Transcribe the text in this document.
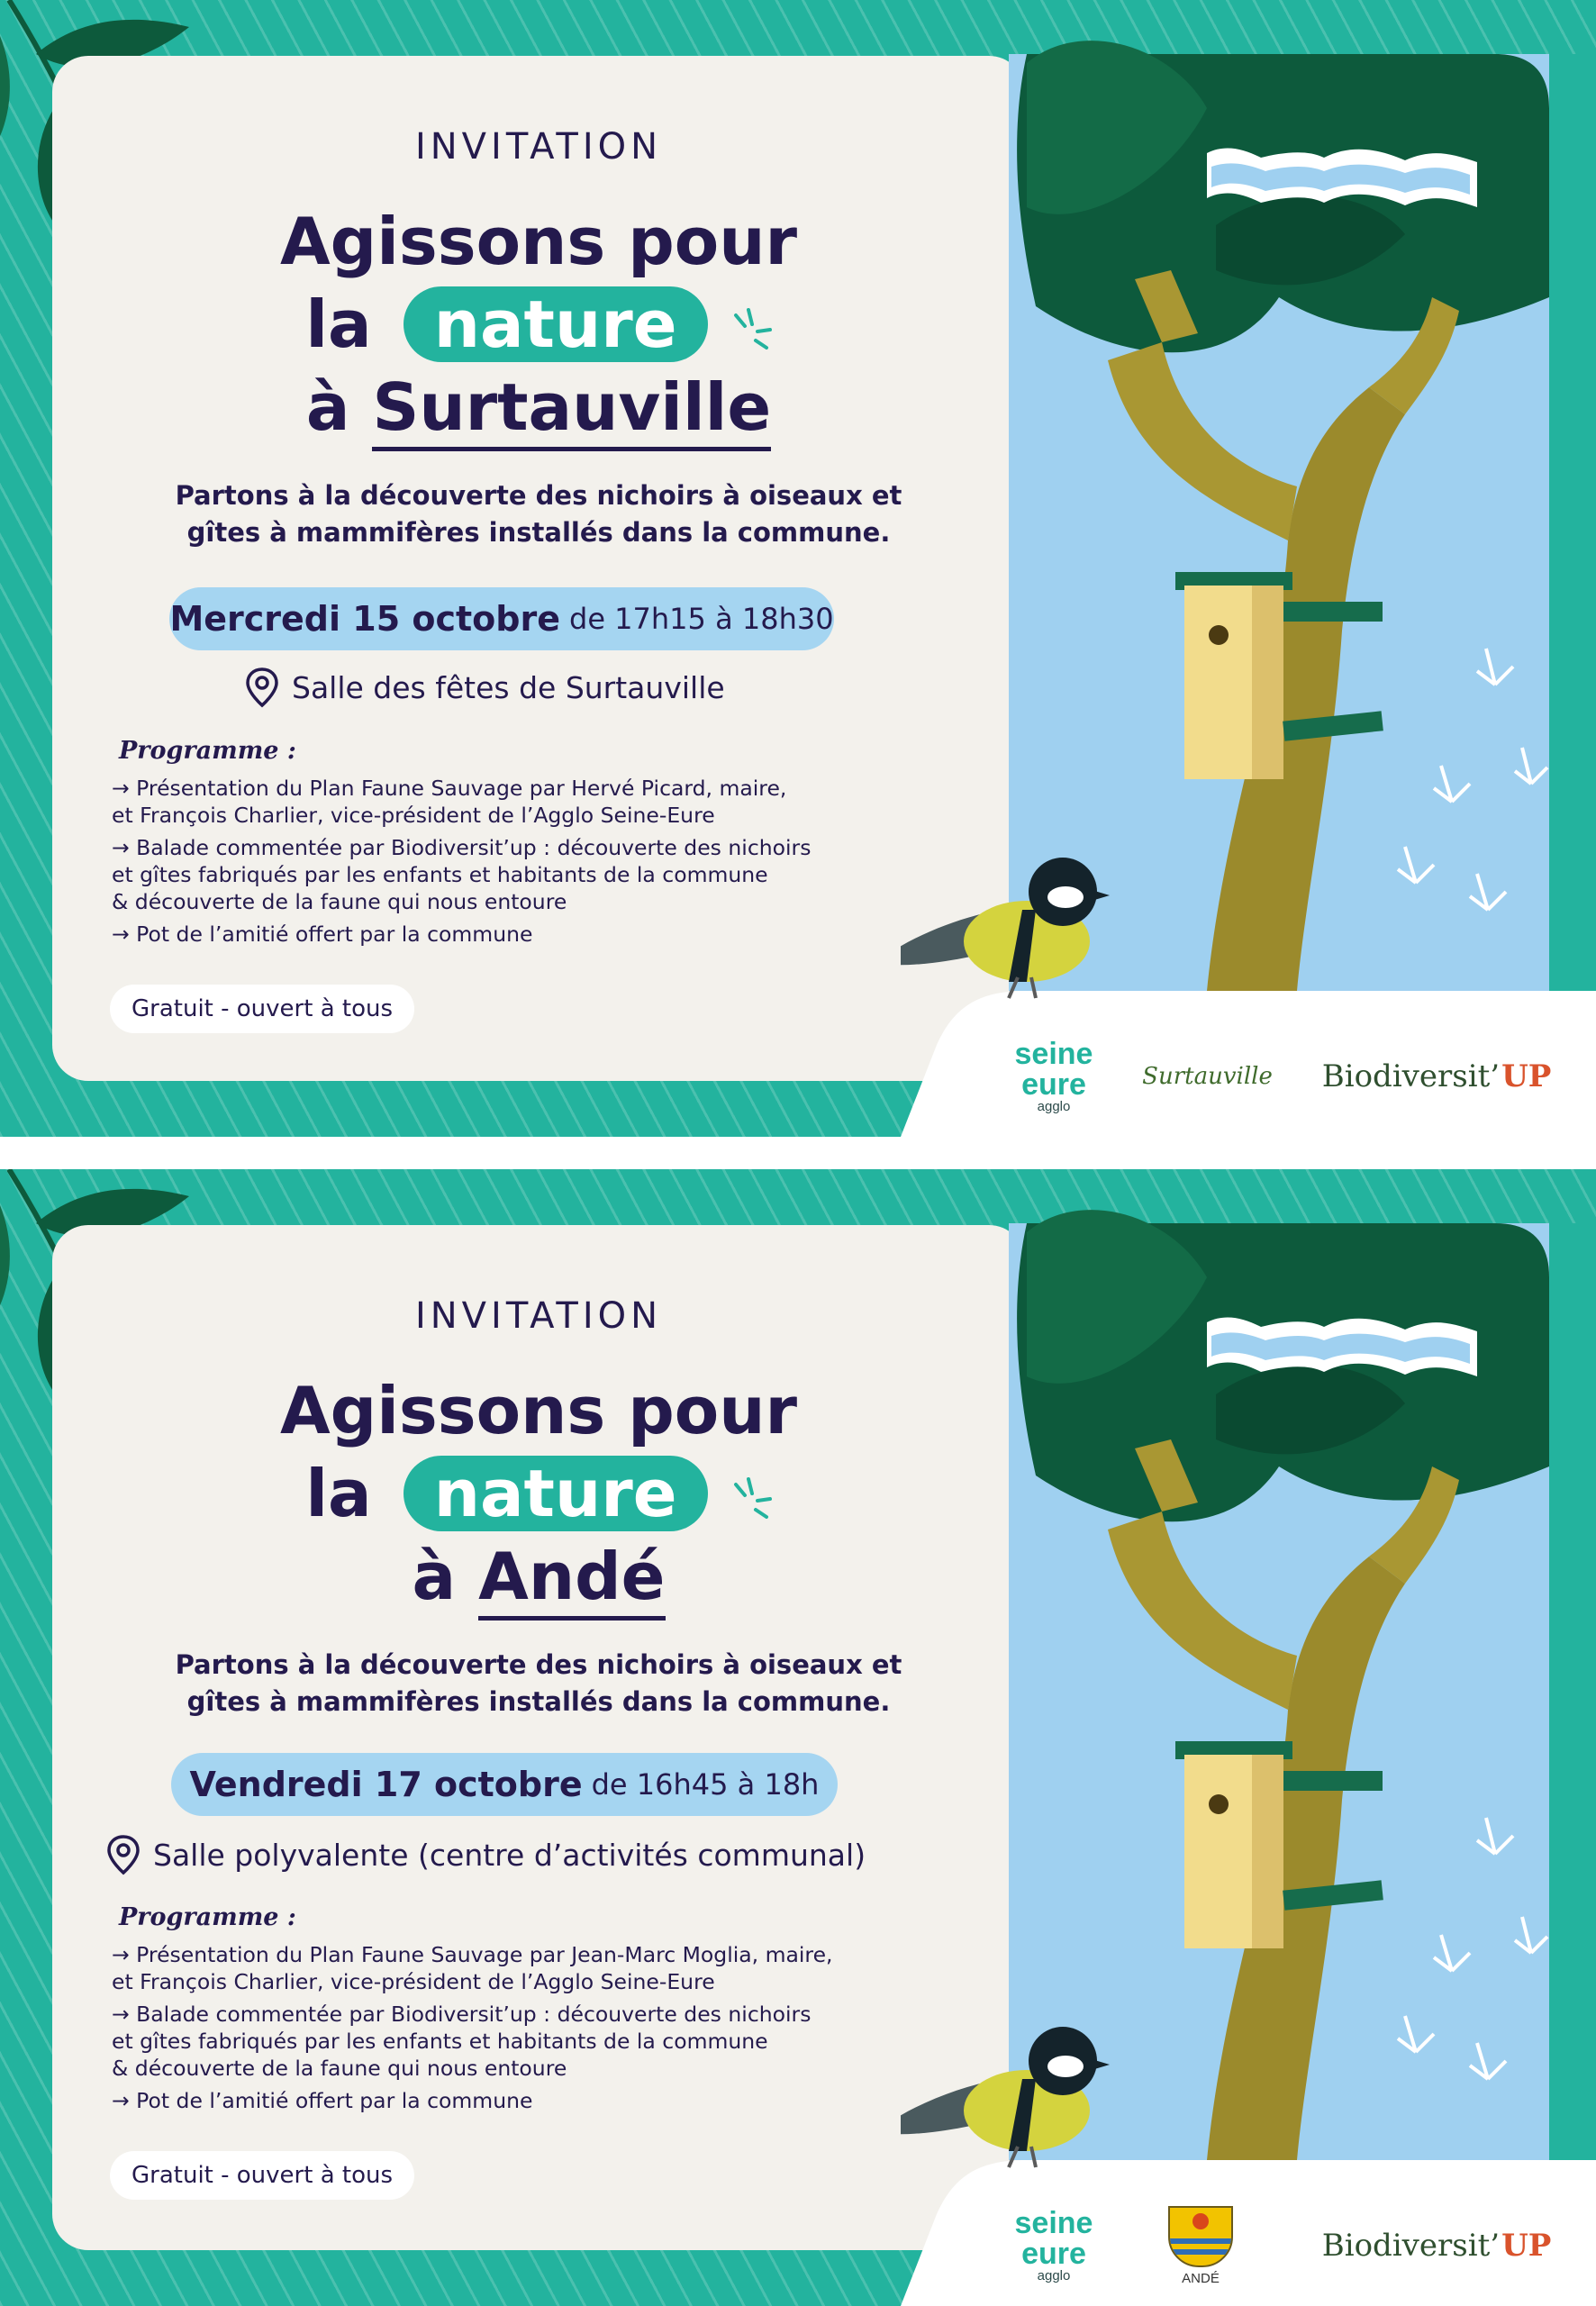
INVITATION
Agissons pour
la nature
à Surtauville
Partons à la découverte des nichoirs à oiseaux et
gîtes à mammifères installés dans la commune.
Mercredi 15 octobre de 17h15 à 18h30
Salle des fêtes de Surtauville
Programme :
→ Présentation du Plan Faune Sauvage par Hervé Picard, maire,
et François Charlier, vice-président de l’Agglo Seine-Eure
→ Balade commentée par Biodiversit’up : découverte des nichoirs
et gîtes fabriqués par les enfants et habitants de la commune
& découverte de la faune qui nous entoure
→ Pot de l’amitié offert par la commune
Gratuit - ouvert à tous
seine
eure
agglo
Surtauville Biodiversit’ UP
INVITATION
Agissons pour
la nature
à Andé
Partons à la découverte des nichoirs à oiseaux et
gîtes à mammifères installés dans la commune.
Vendredi 17 octobre de 16h45 à 18h
Salle polyvalente (centre d’activités communal)
Programme :
→ Présentation du Plan Faune Sauvage par Jean-Marc Moglia, maire,
et François Charlier, vice-président de l’Agglo Seine-Eure
→ Balade commentée par Biodiversit’up : découverte des nichoirs
et gîtes fabriqués par les enfants et habitants de la commune
& découverte de la faune qui nous entoure
→ Pot de l’amitié offert par la commune
Gratuit - ouvert à tous
seine
eure
agglo	ANDÉ
Biodiversit’ UP
